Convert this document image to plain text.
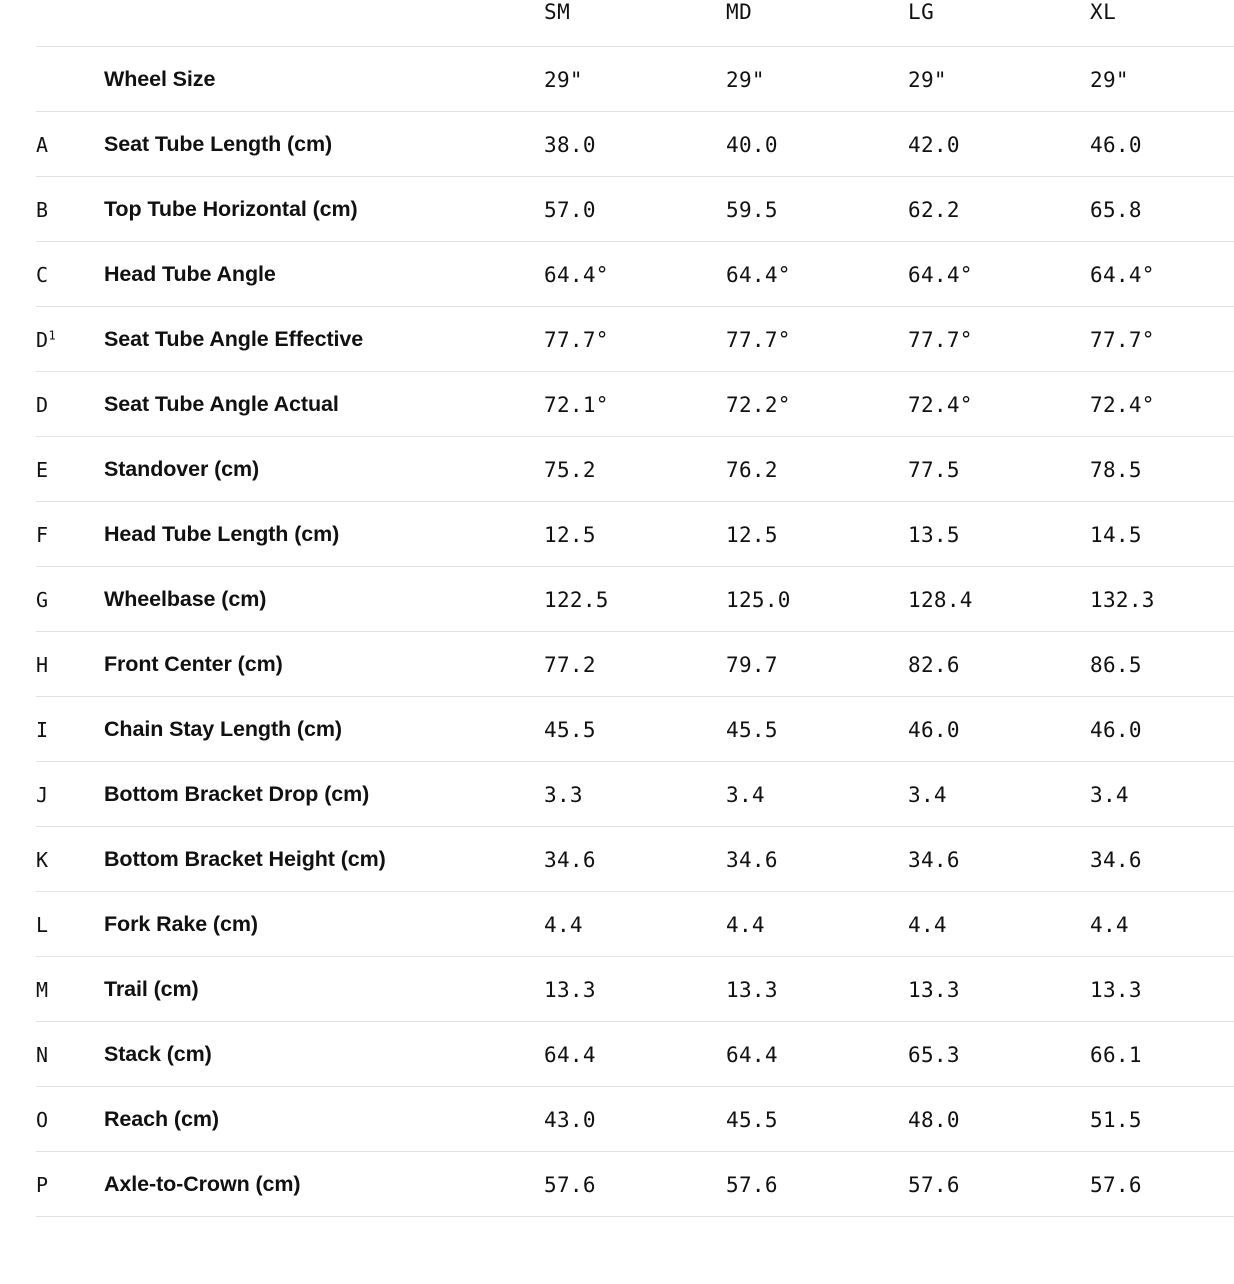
		SM	MD	LG	XL
	Wheel Size	29"	29"	29"	29"
A	Seat Tube Length (cm)	38.0	40.0	42.0	46.0
B	Top Tube Horizontal (cm)	57.0	59.5	62.2	65.8
C	Head Tube Angle	64.4°	64.4°	64.4°	64.4°
$D^1$	Seat Tube Angle Effective	77.7°	77.7°	77.7°	77.7°
D	Seat Tube Angle Actual	72.1°	72.2°	72.4°	72.4°
E	Standover (cm)	75.2	76.2	77.5	78.5
F	Head Tube Length (cm)	12.5	12.5	13.5	14.5
G	Wheelbase (cm)	122.5	125.0	128.4	132.3
H	Front Center (cm)	77.2	79.7	82.6	86.5
I	Chain Stay Length (cm)	45.5	45.5	46.0	46.0
J	Bottom Bracket Drop (cm)	3.3	3.4	3.4	3.4
K	Bottom Bracket Height (cm)	34.6	34.6	34.6	34.6
L	Fork Rake (cm)	4.4	4.4	4.4	4.4
M	Trail (cm)	13.3	13.3	13.3	13.3
N	Stack (cm)	64.4	64.4	65.3	66.1
O	Reach (cm)	43.0	45.5	48.0	51.5
P	Axle-to-Crown (cm)	57.6	57.6	57.6	57.6
